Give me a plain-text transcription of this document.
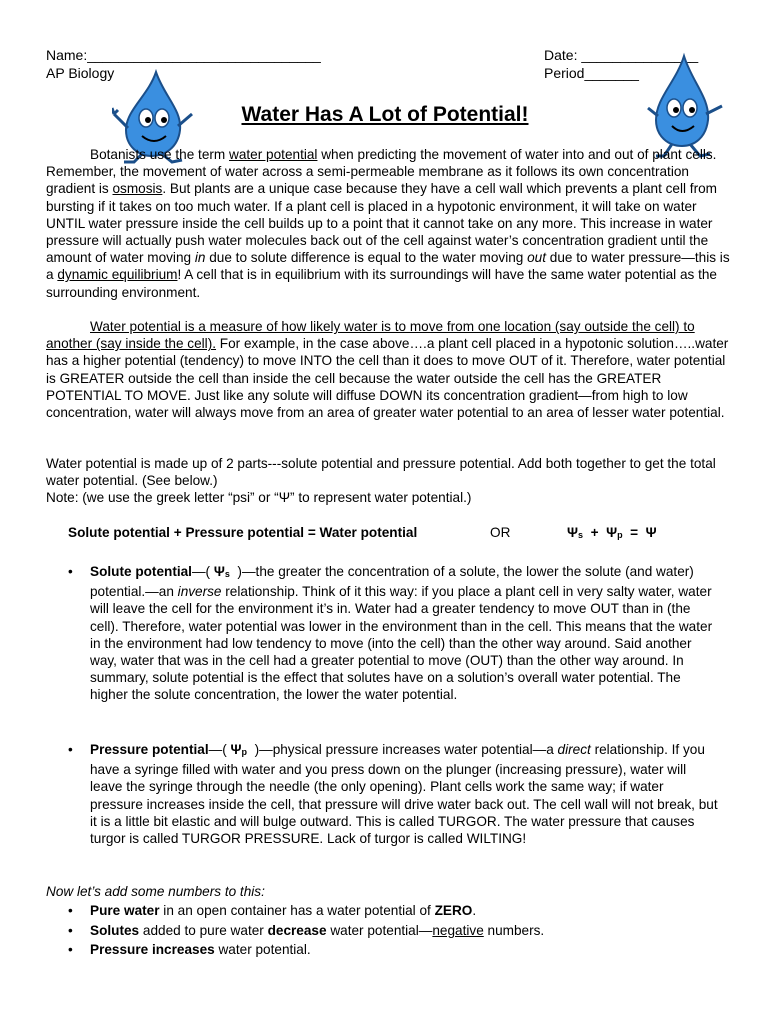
Name:______________________________
AP Biology
Date: _______________
Period_______
Water Has A Lot of Potential!

Botanists use the term water potential when predicting the movement of water into and out of plant cells. Remember, the movement of water across a semi-permeable membrane as it follows its own concentration gradient is osmosis. But plants are a unique case because they have a cell wall which prevents a plant cell from bursting if it takes on too much water. If a plant cell is placed in a hypotonic environment, it will take on water UNTIL water pressure inside the cell builds up to a point that it cannot take on any more. This increase in water pressure will actually push water molecules back out of the cell against water’s concentration gradient until the amount of water moving in due to solute difference is equal to the water moving out due to water pressure—this is a dynamic equilibrium! A cell that is in equilibrium with its surroundings will have the same water potential as the surrounding environment.

Water potential is a measure of how likely water is to move from one location (say outside the cell) to another (say inside the cell). For example, in the case above….a plant cell placed in a hypotonic solution…..water has a higher potential (tendency) to move INTO the cell than it does to move OUT of it. Therefore, water potential is GREATER outside the cell than inside the cell because the water outside the cell has the GREATER POTENTIAL TO MOVE. Just like any solute will diffuse DOWN its concentration gradient—from high to low concentration, water will always move from an area of greater water potential to an area of lesser water potential.

Water potential is made up of 2 parts---solute potential and pressure potential. Add both together to get the total water potential. (See below.)
Note: (we use the greek letter “psi” or “Ψ” to represent water potential.)

Solute potential + Pressure potential = Water potential	OR	$\Psi_s + \Psi_p = \Psi$
• Solute potential—( $\Psi_s$  )—the greater the concentration of a solute, the lower the solute (and water) potential.—an inverse relationship. Think of it this way: if you place a plant cell in very salty water, water will leave the cell for the environment it’s in. Water had a greater tendency to move OUT than in (the cell). Therefore, water potential was lower in the environment than in the cell. This means that the water in the environment had low tendency to move (into the cell) than the other way around. Said another way, water that was in the cell had a greater potential to move (OUT) than the other way around. In summary, solute potential is the effect that solutes have on a solution’s overall water potential. The higher the solute concentration, the lower the water potential.

• Pressure potential—( $\Psi_p$  )—physical pressure increases water potential—a direct relationship. If you have a syringe filled with water and you press down on the plunger (increasing pressure), water will leave the syringe through the needle (the only opening). Plant cells work the same way; if water pressure increases inside the cell, that pressure will drive water back out. The cell wall will not break, but it is a little bit elastic and will bulge outward. This is called TURGOR. The water pressure that causes turgor is called TURGOR PRESSURE. Lack of turgor is called WILTING!

Now let’s add some numbers to this:
• Pure water in an open container has a water potential of ZERO.
• Solutes added to pure water decrease water potential—negative numbers.
• Pressure increases water potential.
